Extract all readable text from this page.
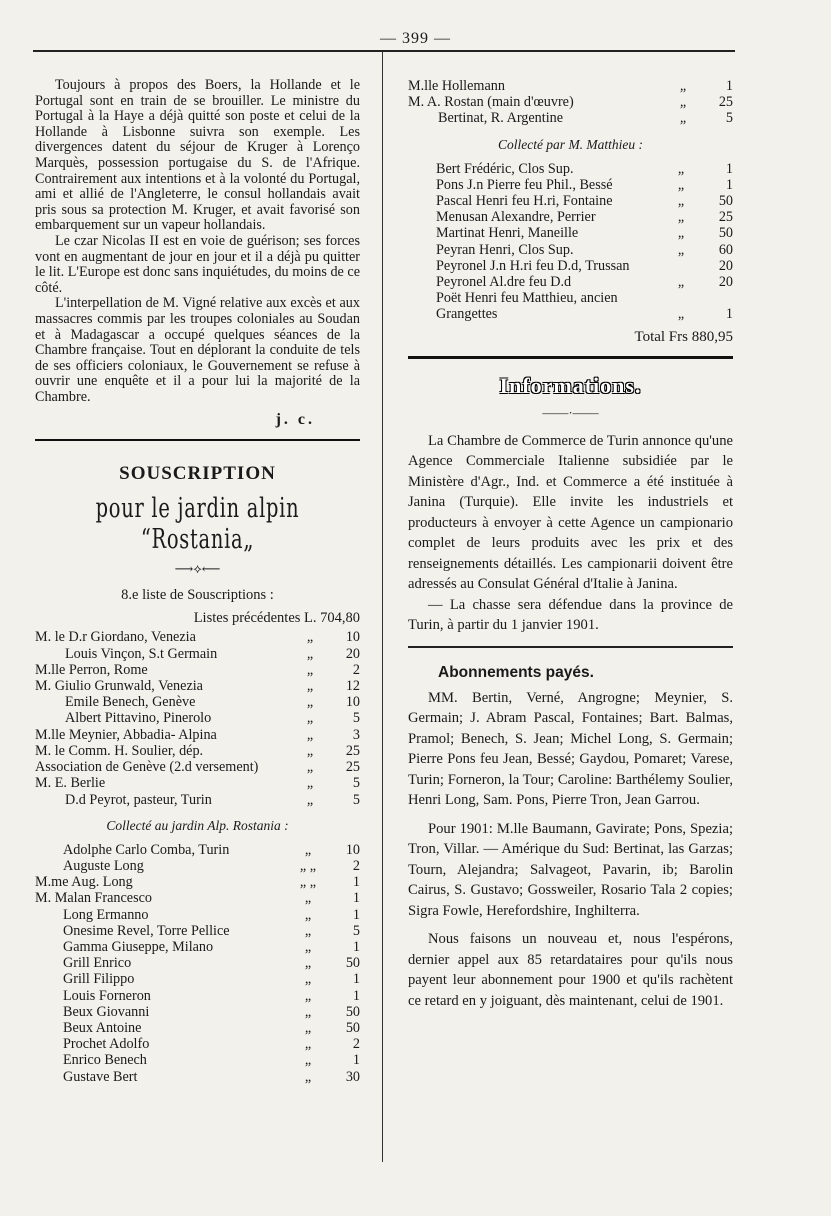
— 399 —

Toujours à propos des Boers, la Hollande et le Portugal sont en train de se brouiller. Le ministre du Portugal à la Haye a déjà quitté son poste et celui de la Hollande à Lisbonne suivra son exemple. Les divergences datent du séjour de Kruger à Lorenço Marquès, possession portugaise du S. de l'Afrique. Contrairement aux intentions et à la volonté du Portugal, ami et allié de l'Angleterre, le consul hollandais avait pris sous sa protection M. Kruger, et avait favorisé son embarquement sur un vapeur hollandais.

Le czar Nicolas II est en voie de guérison; ses forces vont en augmentant de jour en jour et il a déjà pu quitter le lit. L'Europe est donc sans inquiétudes, du moins de ce côté.

L'interpellation de M. Vigné relative aux excès et aux massacres commis par les troupes coloniales au Soudan et à Madagascar a occupé quelques séances de la Chambre française. Tout en déplorant la conduite de tels de ses officiers coloniaux, le Gouvernement se refuse à ouvrir une enquête et il a pour lui la majorité de la Chambre.

j. c.
SOUSCRIPTION
pour le jardin alpin “Rostania„
⟶⟡⟵
8.e liste de Souscriptions :
Listes précédentes L. 704,80
M. le D.r Giordano, Venezia	„	10
Louis Vinçon, S.t Germain	„	20
M.lle Perron, Rome	„	2
M. Giulio Grunwald, Venezia	„	12
Emile Benech, Genève	„	10
Albert Pittavino, Pinerolo	„	5
M.lle Meynier, Abbadia- Alpina	„	3
M. le Comm. H. Soulier, dép.	„	25
Association de Genève (2.d versement)	„	25
M. E. Berlie	„	5
D.d Peyrot, pasteur, Turin	„	5
Collecté au jardin Alp. Rostania :
Adolphe Carlo Comba, Turin	„	10
Auguste Long	„ „	2
M.me Aug. Long	„ „	1
M. Malan Francesco	„	1
Long Ermanno	„	1
Onesime Revel, Torre Pellice	„	5
Gamma Giuseppe, Milano	„	1
Grill Enrico	„	50
Grill Filippo	„	1
Louis Forneron	„	1
Beux Giovanni	„	50
Beux Antoine	„	50
Prochet Adolfo	„	2
Enrico Benech	„	1
Gustave Bert	„	30
M.lle Hollemann	„	1
M. A. Rostan (main d'œuvre)	„	25
Bertinat, R. Argentine	„	5
Collecté par M. Matthieu :
Bert Frédéric, Clos Sup.	„	1
Pons J.n Pierre feu Phil., Bessé	„	1
Pascal Henri feu H.ri, Fontaine	„	50
Menusan Alexandre, Perrier	„	25
Martinat Henri, Maneille	„	50
Peyran Henri, Clos Sup.	„	60
Peyronel J.n H.ri feu D.d, Trussan		20
Peyronel Al.dre feu D.d	„	20
Poët Henri feu Matthieu, ancien		
Grangettes	„	1
Total Frs 880,95
Informations.
——·——

La Chambre de Commerce de Turin annonce qu'une Agence Commerciale Italienne subsidiée par le Ministère d'Agr., Ind. et Commerce a été instituée à Janina (Turquie). Elle invite les industriels et producteurs à envoyer à cette Agence un campionario complet de leurs produits avec les prix et des renseignements détaillés. Les campionarii doivent être adressés au Consulat Général d'Italie à Janina.

— La chasse sera défendue dans la province de Turin, à partir du 1 janvier 1901.

Abonnements payés.

MM. Bertin, Verné, Angrogne; Meynier, S. Germain; J. Abram Pascal, Fontaines; Bart. Balmas, Pramol; Benech, S. Jean; Michel Long, S. Germain; Pierre Pons feu Jean, Bessé; Gaydou, Pomaret; Varese, Turin; Forneron, la Tour; Caroline: Barthélemy Soulier, Henri Long, Sam. Pons, Pierre Tron, Jean Garrou.

Pour 1901: M.lle Baumann, Gavirate; Pons, Spezia; Tron, Villar. — Amérique du Sud: Bertinat, las Garzas; Tourn, Alejandra; Salvageot, Pavarin, ib; Barolin Cairus, S. Gustavo; Gossweiler, Rosario Tala 2 copies; Sigra Fowle, Herefordshire, Inghilterra.

Nous faisons un nouveau et, nous l'espérons, dernier appel aux 85 retardataires pour qu'ils nous payent leur abonnement pour 1900 et qu'ils rachètent ce retard en y joiguant, dès maintenant, celui de 1901.
